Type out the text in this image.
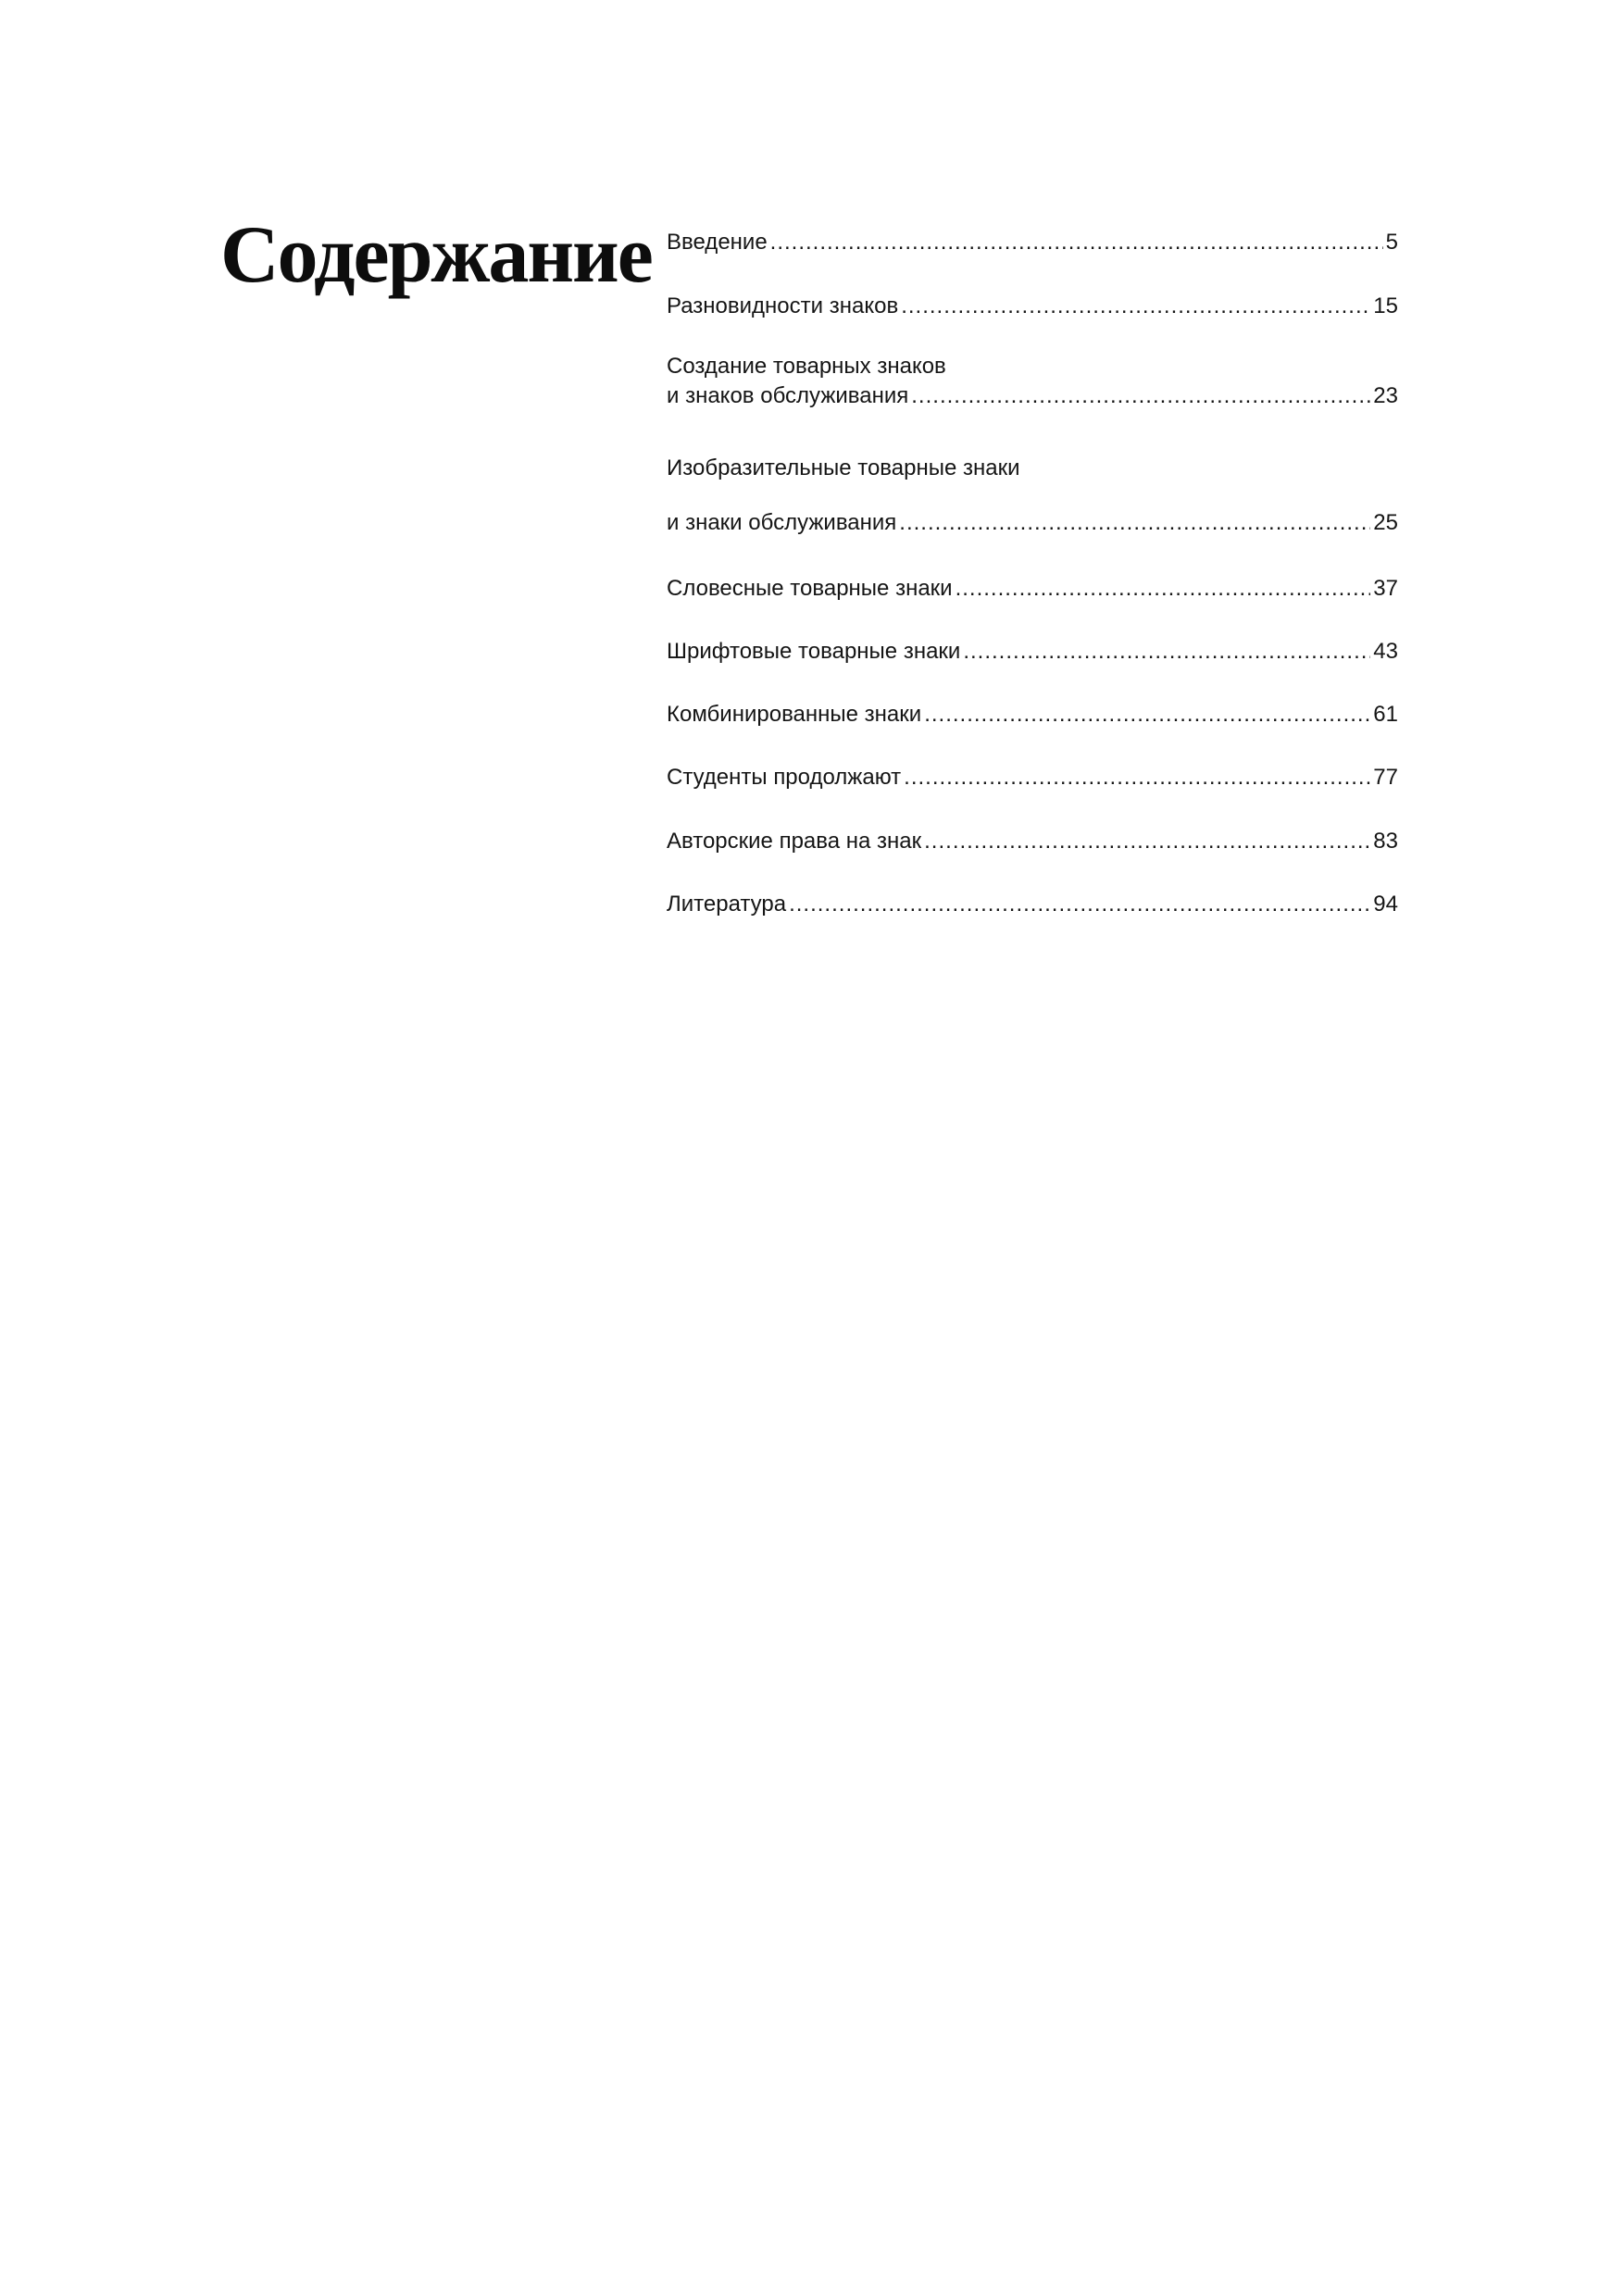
Содержание Введение .....	5
Разновидности знаков .....	15
Создание товарных знаков
и знаков обслуживания .....	23
Изобразительные товарные знаки
и знаки обслуживания .....	25
Словесные товарные знаки .....	37
Шрифтовые товарные знаки .....	43
Комбинированные знаки .....	61
Студенты продолжают .....	77
Авторские права на знак .....	83
Литература .....	94
